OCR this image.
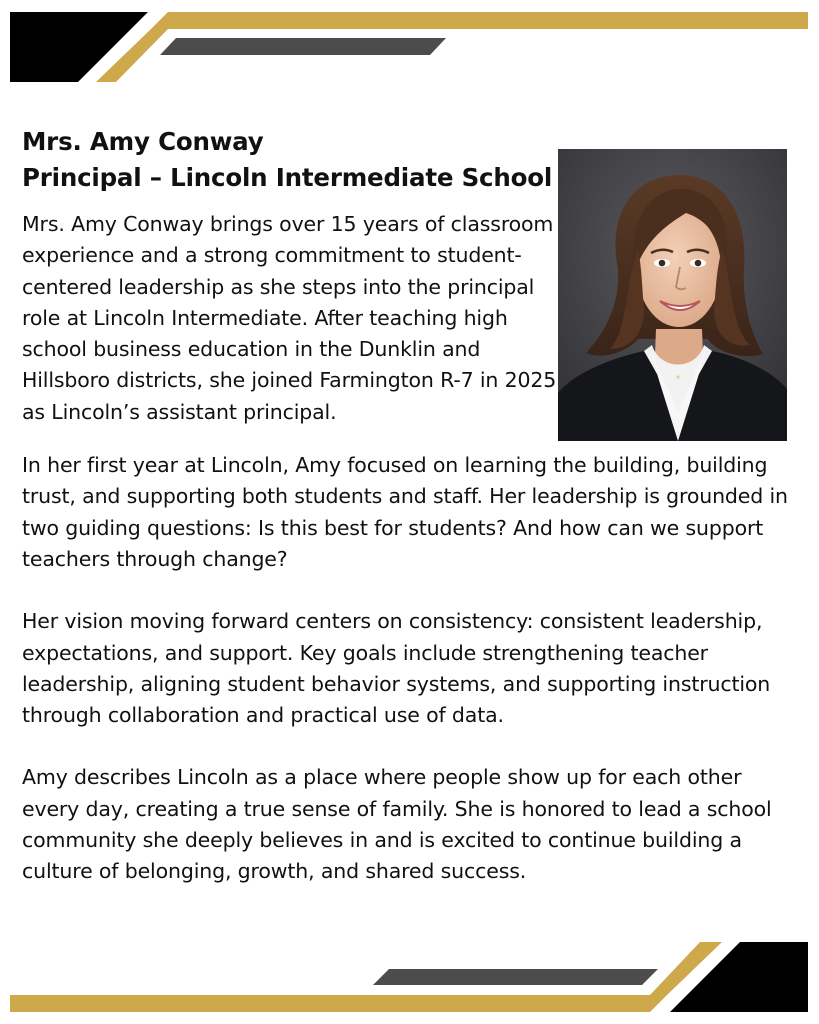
Mrs. Amy Conway
Principal – Lincoln Intermediate School

Mrs. Amy Conway brings over 15 years of classroom experience and a strong commitment to student-centered leadership as she steps into the principal role at Lincoln Intermediate. After teaching high school business education in the Dunklin and Hillsboro districts, she joined Farmington R-7 in 2025 as Lincoln’s assistant principal.

In her first year at Lincoln, Amy focused on learning the building, building trust, and supporting both students and staff. Her leadership is grounded in two guiding questions: Is this best for students? And how can we support teachers through change?

Her vision moving forward centers on consistency: consistent leadership, expectations, and support. Key goals include strengthening teacher leadership, aligning student behavior systems, and supporting instruction through collaboration and practical use of data.

Amy describes Lincoln as a place where people show up for each other every day, creating a true sense of family. She is honored to lead a school community she deeply believes in and is excited to continue building a culture of belonging, growth, and shared success.
